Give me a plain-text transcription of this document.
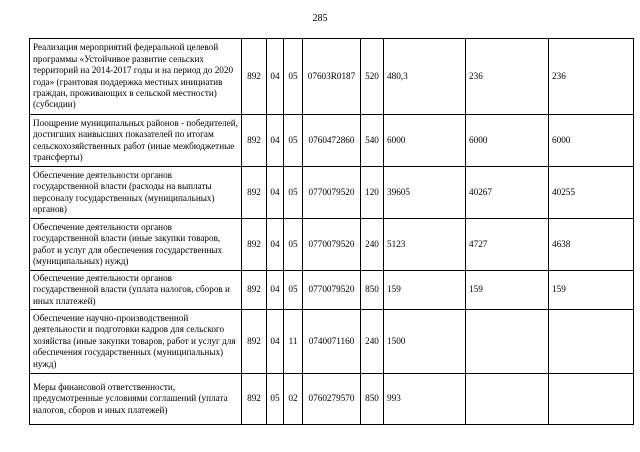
285
Реализация мероприятий федеральной целевой программы «Устойчивое развитие сельских территорий на 2014-2017 годы и на период до 2020 года» (грантовая поддержка местных инициатив граждан, проживающих в сельской местности) (субсидии)	892	04	05	07603R0187	520	480,3	236	236
Поощрение муниципальных районов - победителей, достигших наивысших показателей по итогам сельскохозяйственных работ (иные межбюджетные трансферты)	892	04	05	0760472860	540	6000	6000	6000
Обеспечение деятельности органов государственной власти (расходы на выплаты персоналу государственных (муниципальных) органов)	892	04	05	0770079520	120	39605	40267	40255
Обеспечение деятельности органов государственной власти (иные закупки товаров, работ и услуг для обеспечения государственных (муниципальных) нужд)	892	04	05	0770079520	240	5123	4727	4638
Обеспечение деятельности органов государственной власти (уплата налогов, сборов и иных платежей)	892	04	05	0770079520	850	159	159	159
Обеспечение научно-производственной деятельности и подготовки кадров для сельского хозяйства (иные закупки товаров, работ и услуг для обеспечения государственных (муниципальных) нужд)	892	04	11	0740071160	240	1500		
Меры финансовой ответственности, предусмотренные условиями соглашений (уплата налогов, сборов и иных платежей)	892	05	02	0760279570	850	993		
